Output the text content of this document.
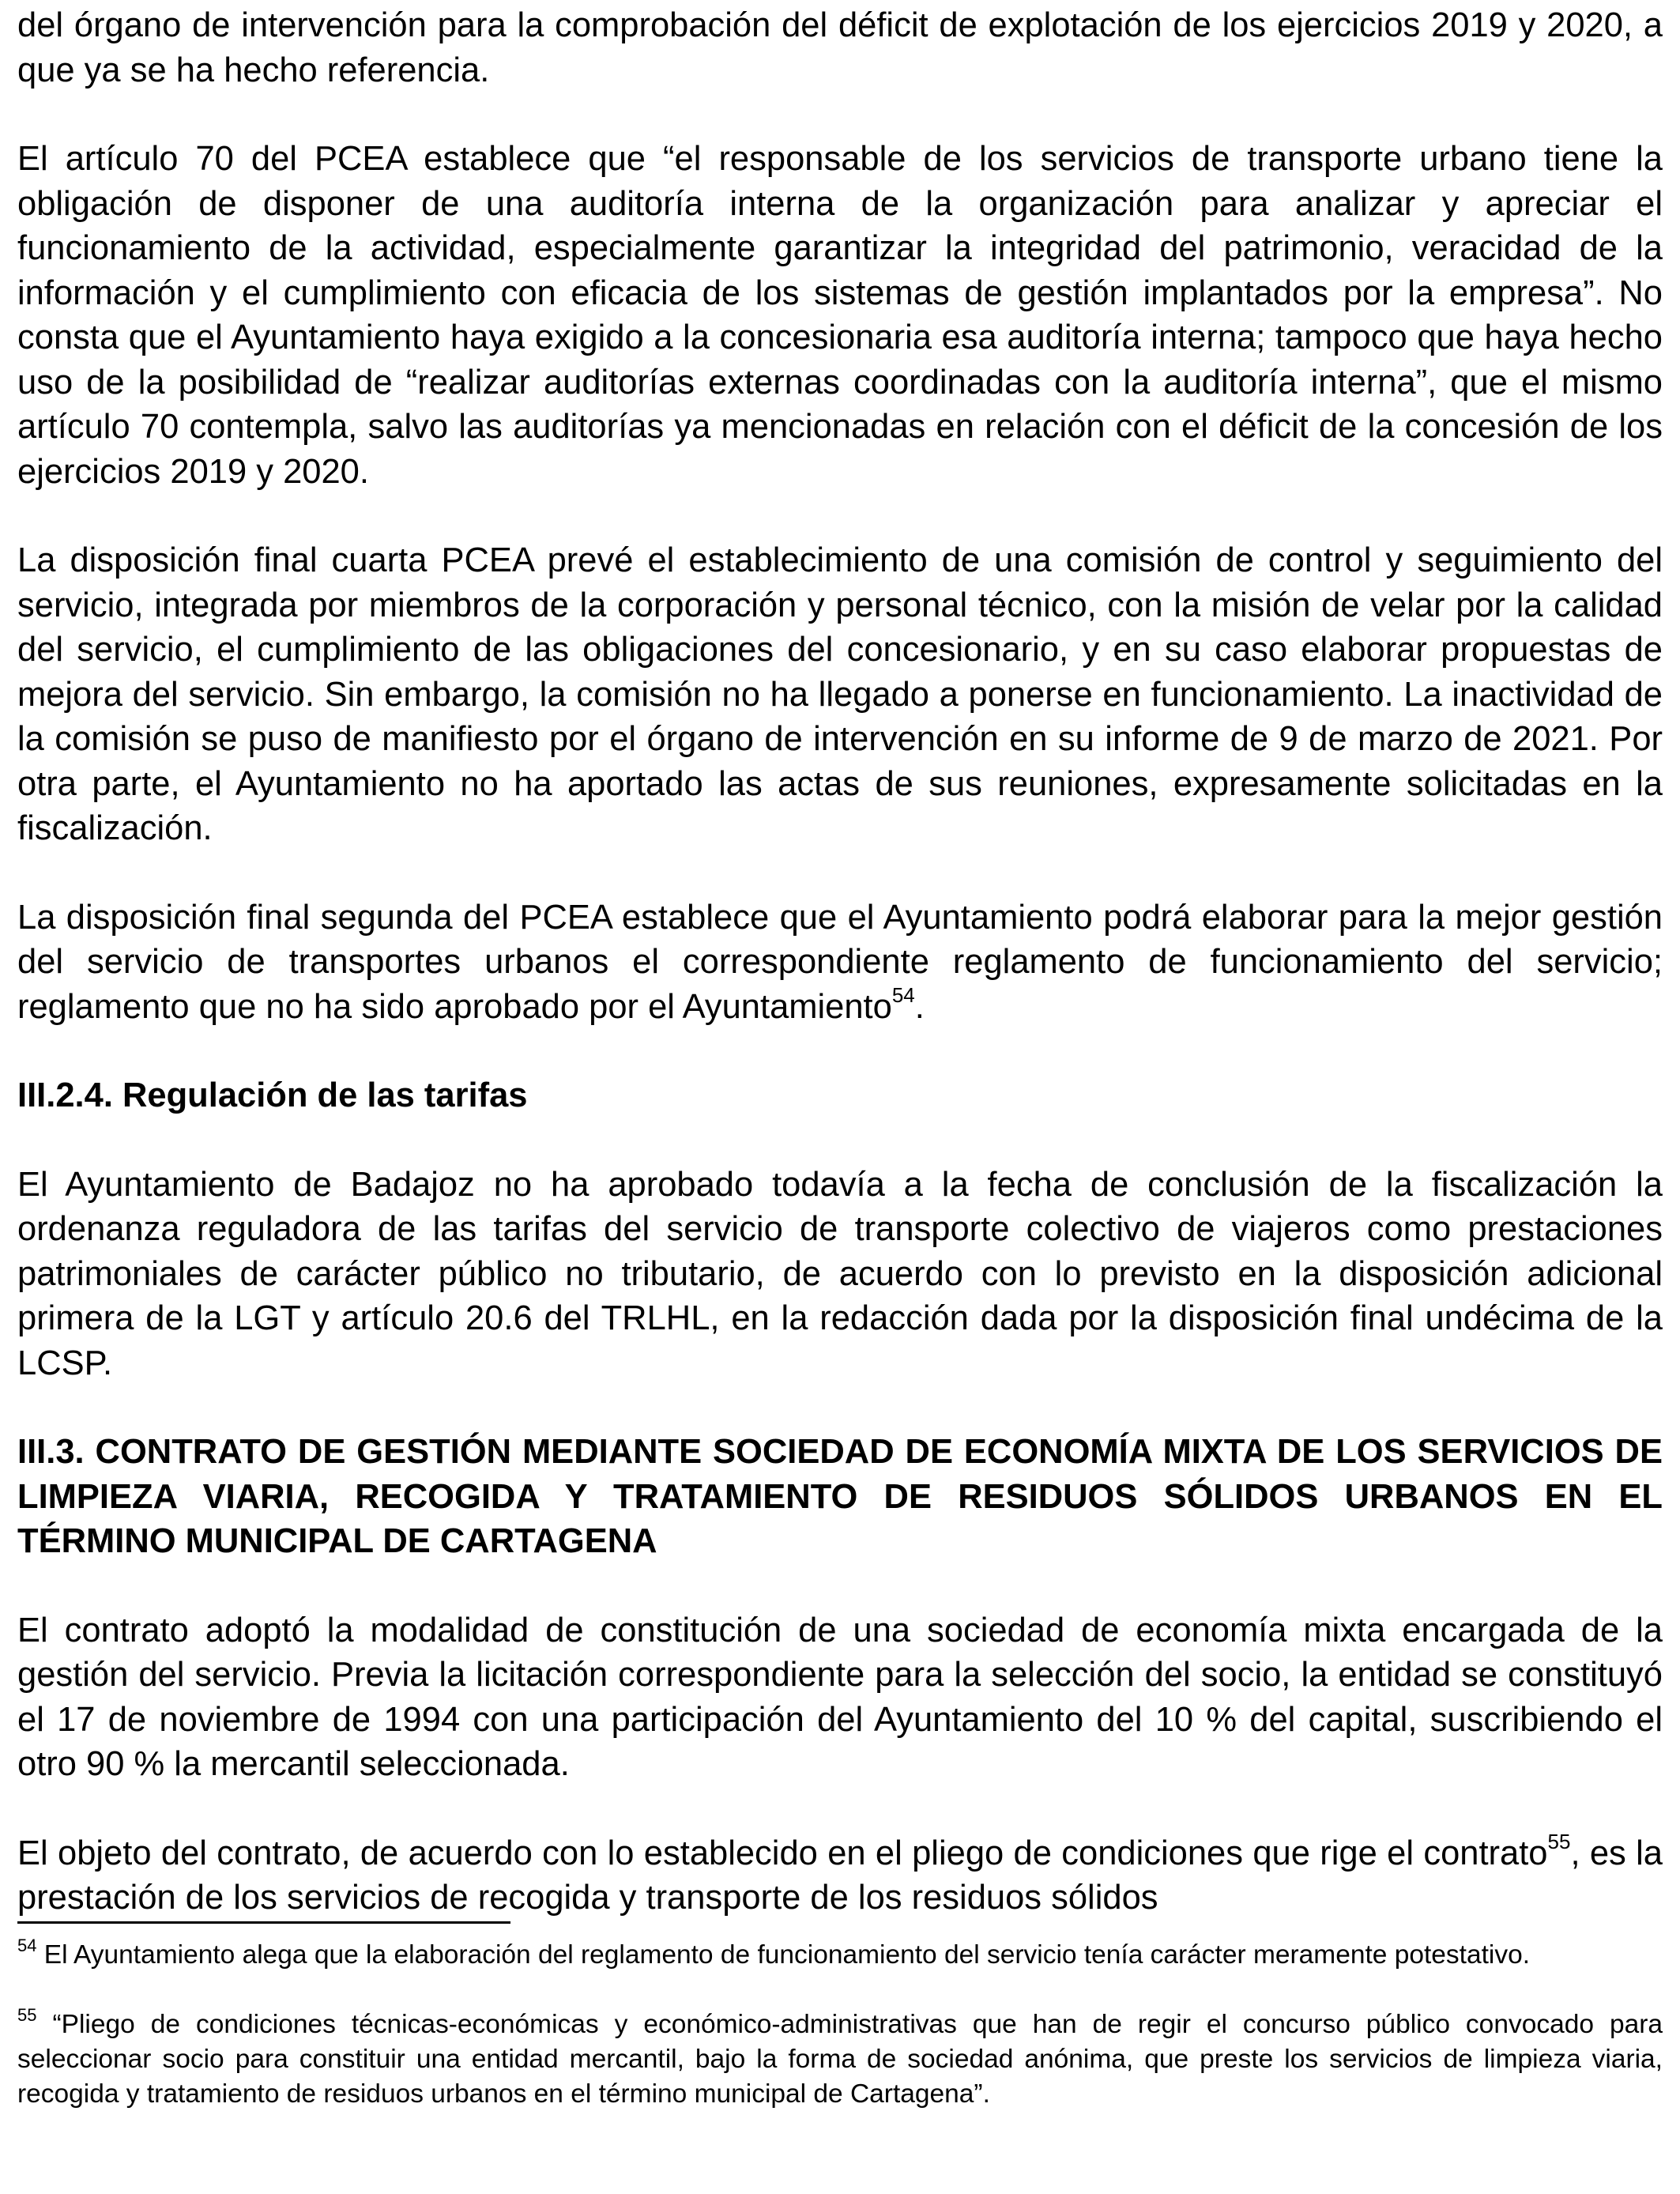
del órgano de intervención para la comprobación del déficit de explotación de los ejercicios 2019 y 2020, a que ya se ha hecho referencia.

El artículo 70 del PCEA establece que “el responsable de los servicios de transporte urbano tiene la obligación de disponer de una auditoría interna de la organización para analizar y apreciar el funcionamiento de la actividad, especialmente garantizar la integridad del patrimonio, veracidad de la información y el cumplimiento con eficacia de los sistemas de gestión implantados por la empresa”. No consta que el Ayuntamiento haya exigido a la concesionaria esa auditoría interna; tampoco que haya hecho uso de la posibilidad de “realizar auditorías externas coordinadas con la auditoría interna”, que el mismo artículo 70 contempla, salvo las auditorías ya mencionadas en relación con el déficit de la concesión de los ejercicios 2019 y 2020.

La disposición final cuarta PCEA prevé el establecimiento de una comisión de control y seguimiento del servicio, integrada por miembros de la corporación y personal técnico, con la misión de velar por la calidad del servicio, el cumplimiento de las obligaciones del concesionario, y en su caso elaborar propuestas de mejora del servicio. Sin embargo, la comisión no ha llegado a ponerse en funcionamiento. La inactividad de la comisión se puso de manifiesto por el órgano de intervención en su informe de 9 de marzo de 2021. Por otra parte, el Ayuntamiento no ha aportado las actas de sus reuniones, expresamente solicitadas en la fiscalización.

La disposición final segunda del PCEA establece que el Ayuntamiento podrá elaborar para la mejor gestión del servicio de transportes urbanos el correspondiente reglamento de funcionamiento del servicio; reglamento que no ha sido aprobado por el Ayuntamiento$^{54}$.

III.2.4. Regulación de las tarifas

El Ayuntamiento de Badajoz no ha aprobado todavía a la fecha de conclusión de la fiscalización la ordenanza reguladora de las tarifas del servicio de transporte colectivo de viajeros como prestaciones patrimoniales de carácter público no tributario, de acuerdo con lo previsto en la disposición adicional primera de la LGT y artículo 20.6 del TRLHL, en la redacción dada por la disposición final undécima de la LCSP.

III.3. CONTRATO DE GESTIÓN MEDIANTE SOCIEDAD DE ECONOMÍA MIXTA DE LOS SERVICIOS DE LIMPIEZA VIARIA, RECOGIDA Y TRATAMIENTO DE RESIDUOS SÓLIDOS URBANOS EN EL TÉRMINO MUNICIPAL DE CARTAGENA

El contrato adoptó la modalidad de constitución de una sociedad de economía mixta encargada de la gestión del servicio. Previa la licitación correspondiente para la selección del socio, la entidad se constituyó el 17 de noviembre de 1994 con una participación del Ayuntamiento del 10 % del capital, suscribiendo el otro 90 % la mercantil seleccionada.

El objeto del contrato, de acuerdo con lo establecido en el pliego de condiciones que rige el contrato$^{55}$, es la prestación de los servicios de recogida y transporte de los residuos sólidos

$^{54}$ El Ayuntamiento alega que la elaboración del reglamento de funcionamiento del servicio tenía carácter meramente potestativo.

$^{55}$ “Pliego de condiciones técnicas-económicas y económico-administrativas que han de regir el concurso público convocado para seleccionar socio para constituir una entidad mercantil, bajo la forma de sociedad anónima, que preste los servicios de limpieza viaria, recogida y tratamiento de residuos urbanos en el término municipal de Cartagena”.
